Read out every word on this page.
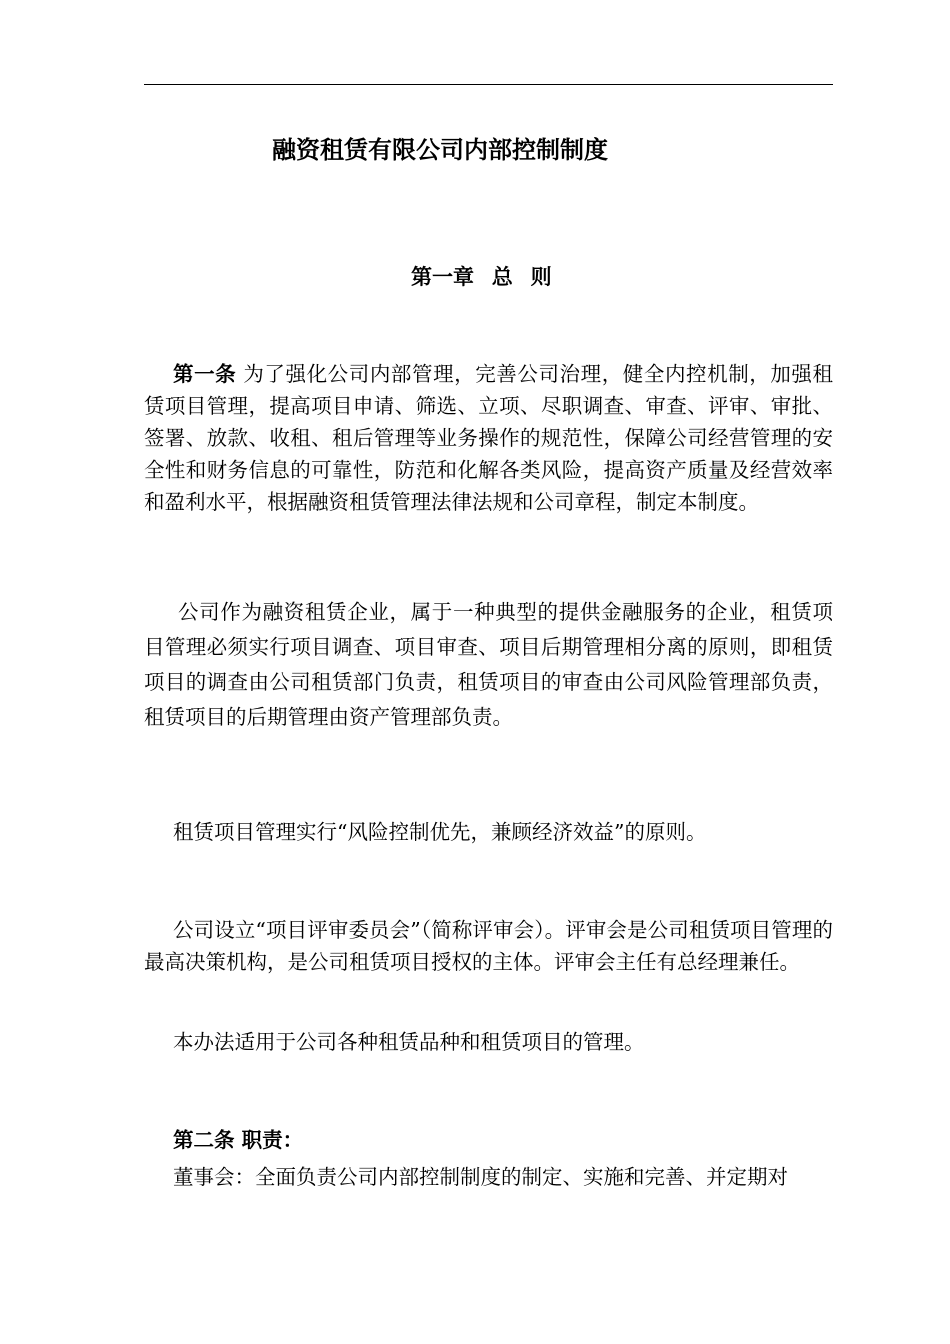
融资租赁有限公司内部控制制度
第一章 总 则

第一条 为了强化公司内部管理，完善公司治理，健全内控机制，加强租赁项目管理，提高项目申请、筛选、立项、尽职调查、审查、评审、审批、签署、放款、收租、租后管理等业务操作的规范性，保障公司经营管理的安全性和财务信息的可靠性，防范和化解各类风险，提高资产质量及经营效率和盈利水平，根据融资租赁管理法律法规和公司章程，制定本制度。

公司作为融资租赁企业，属于一种典型的提供金融服务的企业，租赁项目管理必须实行项目调查、项目审查、项目后期管理相分离的原则，即租赁项目的调查由公司租赁部门负责，租赁项目的审查由公司风险管理部负责，租赁项目的后期管理由资产管理部负责。

租赁项目管理实行“风险控制优先，兼顾经济效益”的原则。

公司设立“项目评审委员会”（简称评审会）。评审会是公司租赁项目管理的最高决策机构，是公司租赁项目授权的主体。评审会主任有总经理兼任。

本办法适用于公司各种租赁品种和租赁项目的管理。

第二条 职责：

董事会：全面负责公司内部控制制度的制定、实施和完善、并定期对
